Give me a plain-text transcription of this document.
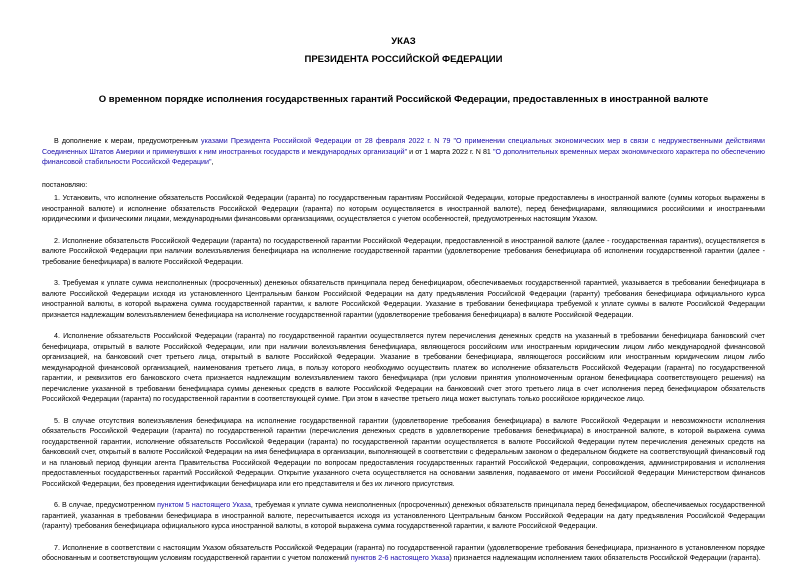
УКАЗ
ПРЕЗИДЕНТА РОССИЙСКОЙ ФЕДЕРАЦИИ
О временном порядке исполнения государственных гарантий Российской Федерации, предоставленных в иностранной валюте

В дополнение к мерам, предусмотренным указами Президента Российской Федерации от 28 февраля 2022 г. N 79 "О применении специальных экономических мер в связи с недружественными действиями Соединенных Штатов Америки и примкнувших к ним иностранных государств и международных организаций" и от 1 марта 2022 г. N 81 "О дополнительных временных мерах экономического характера по обеспечению финансовой стабильности Российской Федерации",

постановляю:

1. Установить, что исполнение обязательств Российской Федерации (гаранта) по государственным гарантиям Российской Федерации, которые предоставлены в иностранной валюте (суммы которых выражены в иностранной валюте) и исполнение обязательств Российской Федерации (гаранта) по которым осуществляется в иностранной валюте), перед бенефициарами, являющимися российскими и иностранными юридическими и физическими лицами, международными финансовыми организациями, осуществляется с учетом особенностей, предусмотренных настоящим Указом.

2. Исполнение обязательств Российской Федерации (гаранта) по государственной гарантии Российской Федерации, предоставленной в иностранной валюте (далее - государственная гарантия), осуществляется в валюте Российской Федерации при наличии волеизъявления бенефициара на исполнение государственной гарантии (удовлетворение требования бенефициара об исполнении государственной гарантии (далее - требование бенефициара) в валюте Российской Федерации.

3. Требуемая к уплате сумма неисполненных (просроченных) денежных обязательств принципала перед бенефициаром, обеспечиваемых государственной гарантией, указывается в требовании бенефициара в валюте Российской Федерации исходя из установленного Центральным банком Российской Федерации на дату предъявления Российской Федерации (гаранту) требования бенефициара официального курса иностранной валюты, в которой выражена сумма государственной гарантии, к валюте Российской Федерации. Указание в требовании бенефициара требуемой к уплате суммы в валюте Российской Федерации признается надлежащим волеизъявлением бенефициара на исполнение государственной гарантии (удовлетворение требования бенефициара) в валюте Российской Федерации.

4. Исполнение обязательств Российской Федерации (гаранта) по государственной гарантии осуществляется путем перечисления денежных средств на указанный в требовании бенефициара банковский счет бенефициара, открытый в валюте Российской Федерации, или при наличии волеизъявления бенефициара, являющегося российским или иностранным юридическим лицом либо международной финансовой организацией, на банковский счет третьего лица, открытый в валюте Российской Федерации. Указание в требовании бенефициара, являющегося российским или иностранным юридическим лицом либо международной финансовой организацией, наименования третьего лица, в пользу которого необходимо осуществить платеж во исполнение обязательств Российской Федерации (гаранта) по государственной гарантии, и реквизитов его банковского счета признается надлежащим волеизъявлением такого бенефициара (при условии принятия уполномоченным органом бенефициара соответствующего решения) на перечисление указанной в требовании бенефициара суммы денежных средств в валюте Российской Федерации на банковский счет этого третьего лица в счет исполнения перед бенефициаром обязательств Российской Федерации (гаранта) по государственной гарантии в соответствующей сумме. При этом в качестве третьего лица может выступать только российское юридическое лицо.

5. В случае отсутствия волеизъявления бенефициара на исполнение государственной гарантии (удовлетворение требования бенефициара) в валюте Российской Федерации и невозможности исполнения обязательств Российской Федерации (гаранта) по государственной гарантии (перечисления денежных средств в удовлетворение требования бенефициара) в иностранной валюте, в которой выражена сумма государственной гарантии, исполнение обязательств Российской Федерации (гаранта) по государственной гарантии осуществляется в валюте Российской Федерации путем перечисления денежных средств на банковский счет, открытый в валюте Российской Федерации на имя бенефициара в организации, выполняющей в соответствии с федеральным законом о федеральном бюджете на соответствующий финансовый год и на плановый период функции агента Правительства Российской Федерации по вопросам предоставления государственных гарантий Российской Федерации, сопровождения, администрирования и исполнения предоставленных государственных гарантий Российской Федерации. Открытие указанного счета осуществляется на основании заявления, подаваемого от имени Российской Федерации Министерством финансов Российской Федерации, без проведения идентификации бенефициара или его представителя и без их личного присутствия.

6. В случае, предусмотренном пунктом 5 настоящего Указа, требуемая к уплате сумма неисполненных (просроченных) денежных обязательств принципала перед бенефициаром, обеспечиваемых государственной гарантией, указанная в требовании бенефициара в иностранной валюте, пересчитывается исходя из установленного Центральным банком Российской Федерации на дату предъявления Российской Федерации (гаранту) требования бенефициара официального курса иностранной валюты, в которой выражена сумма государственной гарантии, к валюте Российской Федерации.

7. Исполнение в соответствии с настоящим Указом обязательств Российской Федерации (гаранта) по государственной гарантии (удовлетворение требования бенефициара, признанного в установленном порядке обоснованным и соответствующим условиям государственной гарантии с учетом положений пунктов 2-6 настоящего Указа) признается надлежащим исполнением таких обязательств Российской Федерации (гаранта).
